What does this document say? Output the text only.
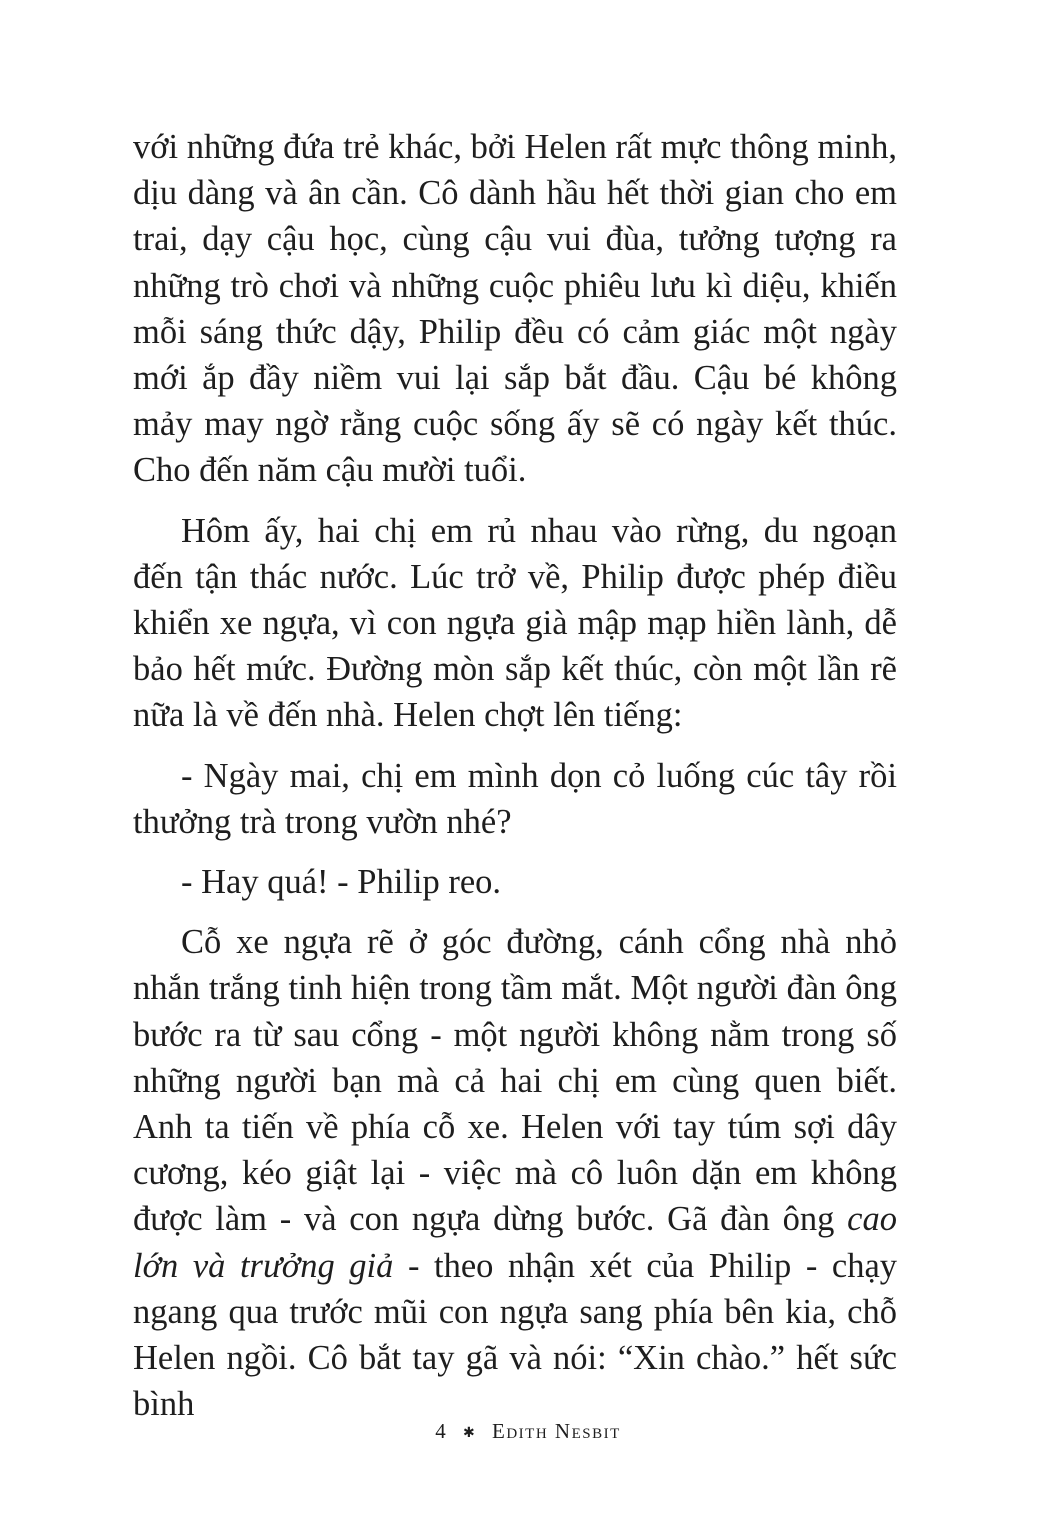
với những đứa trẻ khác, bởi Helen rất mực thông minh, dịu dàng và ân cần. Cô dành hầu hết thời gian cho em trai, dạy cậu học, cùng cậu vui đùa, tưởng tượng ra những trò chơi và những cuộc phiêu lưu kì diệu, khiến mỗi sáng thức dậy, Philip đều có cảm giác một ngày mới ắp đầy niềm vui lại sắp bắt đầu. Cậu bé không mảy may ngờ rằng cuộc sống ấy sẽ có ngày kết thúc. Cho đến năm cậu mười tuổi.

Hôm ấy, hai chị em rủ nhau vào rừng, du ngoạn đến tận thác nước. Lúc trở về, Philip được phép điều khiển xe ngựa, vì con ngựa già mập mạp hiền lành, dễ bảo hết mức. Đường mòn sắp kết thúc, còn một lần rẽ nữa là về đến nhà. Helen chợt lên tiếng:

- Ngày mai, chị em mình dọn cỏ luống cúc tây rồi thưởng trà trong vườn nhé?

- Hay quá! - Philip reo.

Cỗ xe ngựa rẽ ở góc đường, cánh cổng nhà nhỏ nhắn trắng tinh hiện trong tầm mắt. Một người đàn ông bước ra từ sau cổng - một người không nằm trong số những người bạn mà cả hai chị em cùng quen biết. Anh ta tiến về phía cỗ xe. Helen với tay túm sợi dây cương, kéo giật lại - việc mà cô luôn dặn em không được làm - và con ngựa dừng bước. Gã đàn ông cao lớn và trưởng giả - theo nhận xét của Philip - chạy ngang qua trước mũi con ngựa sang phía bên kia, chỗ Helen ngồi. Cô bắt tay gã và nói: “Xin chào.” hết sức bình

4 ✱ Edith Nesbit
